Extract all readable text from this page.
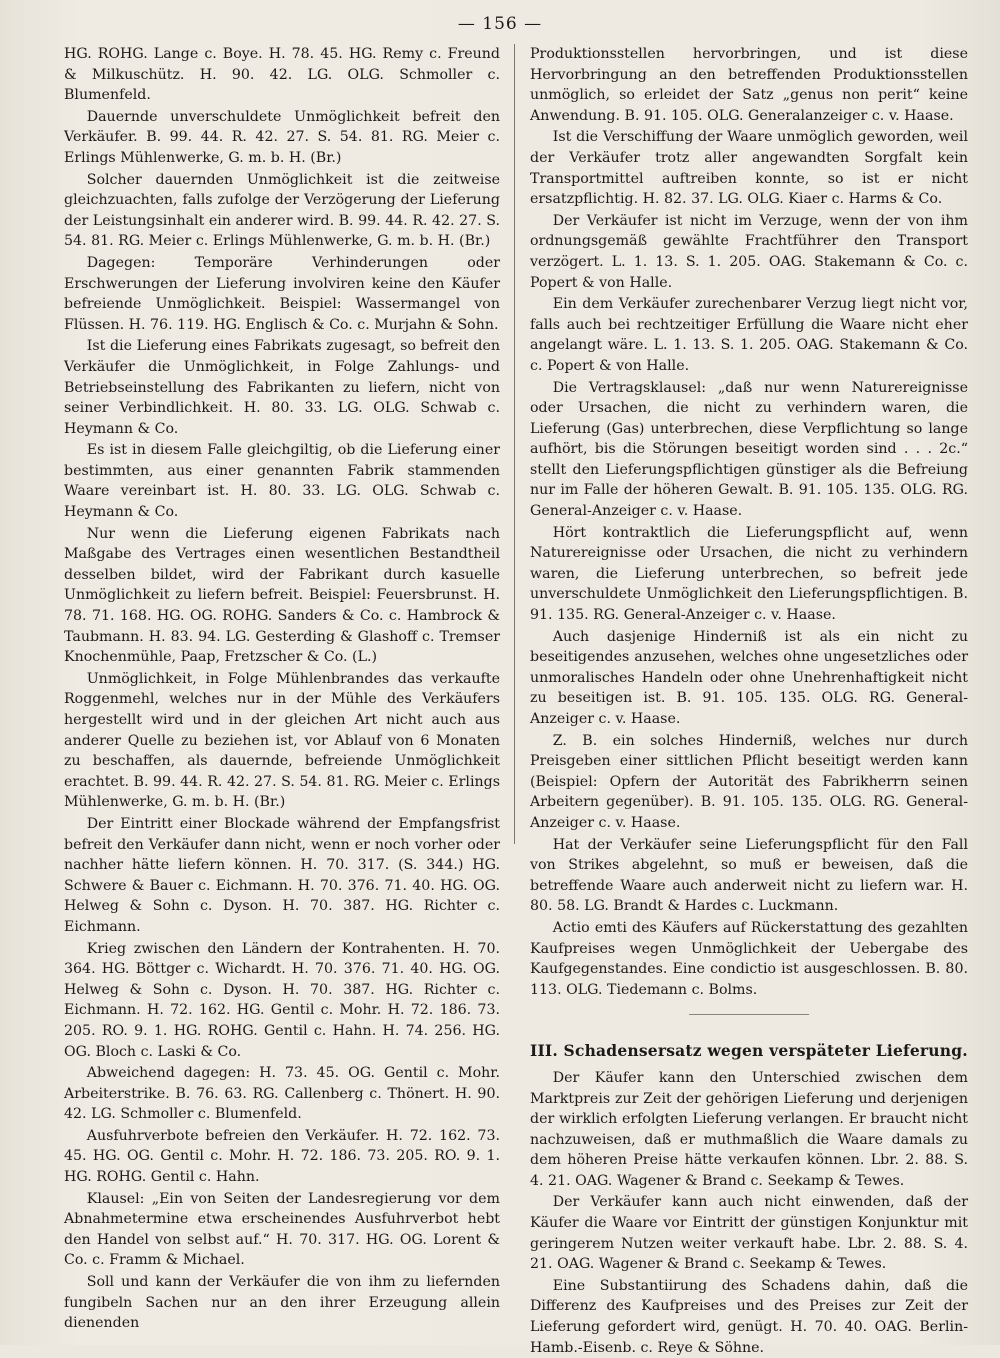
— 156 —

HG. ROHG. Lange c. Boye. H. 78. 45. HG. Remy c. Freund & Milkuschütz. H. 90. 42. LG. OLG. Schmoller c. Blumenfeld.

Dauernde unverschuldete Unmöglichkeit befreit den Verkäufer. B. 99. 44. R. 42. 27. S. 54. 81. RG. Meier c. Erlings Mühlenwerke, G. m. b. H. (Br.)

Solcher dauernden Unmöglichkeit ist die zeitweise gleichzuachten, falls zufolge der Verzögerung der Lieferung der Leistungsinhalt ein anderer wird. B. 99. 44. R. 42. 27. S. 54. 81. RG. Meier c. Erlings Mühlenwerke, G. m. b. H. (Br.)

Dagegen: Temporäre Verhinderungen oder Erschwerungen der Lieferung involviren keine den Käufer befreiende Unmöglichkeit. Beispiel: Wassermangel von Flüssen. H. 76. 119. HG. Englisch & Co. c. Murjahn & Sohn.

Ist die Lieferung eines Fabrikats zugesagt, so befreit den Verkäufer die Unmöglichkeit, in Folge Zahlungs- und Betriebseinstellung des Fabrikanten zu liefern, nicht von seiner Verbindlichkeit. H. 80. 33. LG. OLG. Schwab c. Heymann & Co.

Es ist in diesem Falle gleichgiltig, ob die Lieferung einer bestimmten, aus einer genannten Fabrik stammenden Waare vereinbart ist. H. 80. 33. LG. OLG. Schwab c. Heymann & Co.

Nur wenn die Lieferung eigenen Fabrikats nach Maßgabe des Vertrages einen wesentlichen Bestandtheil desselben bildet, wird der Fabrikant durch kasuelle Unmöglichkeit zu liefern befreit. Beispiel: Feuersbrunst. H. 78. 71. 168. HG. OG. ROHG. Sanders & Co. c. Hambrock & Taubmann. H. 83. 94. LG. Gesterding & Glashoff c. Tremser Knochenmühle, Paap, Fretzscher & Co. (L.)

Unmöglichkeit, in Folge Mühlenbrandes das verkaufte Roggenmehl, welches nur in der Mühle des Verkäufers hergestellt wird und in der gleichen Art nicht auch aus anderer Quelle zu beziehen ist, vor Ablauf von 6 Monaten zu beschaffen, als dauernde, befreiende Unmöglichkeit erachtet. B. 99. 44. R. 42. 27. S. 54. 81. RG. Meier c. Erlings Mühlenwerke, G. m. b. H. (Br.)

Der Eintritt einer Blockade während der Empfangsfrist befreit den Verkäufer dann nicht, wenn er noch vorher oder nachher hätte liefern können. H. 70. 317. (S. 344.) HG. Schwere & Bauer c. Eichmann. H. 70. 376. 71. 40. HG. OG. Helweg & Sohn c. Dyson. H. 70. 387. HG. Richter c. Eichmann.

Krieg zwischen den Ländern der Kontrahenten. H. 70. 364. HG. Böttger c. Wichardt. H. 70. 376. 71. 40. HG. OG. Helweg & Sohn c. Dyson. H. 70. 387. HG. Richter c. Eichmann. H. 72. 162. HG. Gentil c. Mohr. H. 72. 186. 73. 205. RO. 9. 1. HG. ROHG. Gentil c. Hahn. H. 74. 256. HG. OG. Bloch c. Laski & Co.

Abweichend dagegen: H. 73. 45. OG. Gentil c. Mohr. Arbeiterstrike. B. 76. 63. RG. Callenberg c. Thönert. H. 90. 42. LG. Schmoller c. Blumenfeld.

Ausfuhrverbote befreien den Verkäufer. H. 72. 162. 73. 45. HG. OG. Gentil c. Mohr. H. 72. 186. 73. 205. RO. 9. 1. HG. ROHG. Gentil c. Hahn.

Klausel: „Ein von Seiten der Landesregierung vor dem Abnahmetermine etwa erscheinendes Ausfuhrverbot hebt den Handel von selbst auf.“ H. 70. 317. HG. OG. Lorent & Co. c. Framm & Michael.

Soll und kann der Verkäufer die von ihm zu liefernden fungibeln Sachen nur an den ihrer Erzeugung allein dienenden

Produktionsstellen hervorbringen, und ist diese Hervorbringung an den betreffenden Produktionsstellen unmöglich, so erleidet der Satz „genus non perit“ keine Anwendung. B. 91. 105. OLG. Generalanzeiger c. v. Haase.

Ist die Verschiffung der Waare unmöglich geworden, weil der Verkäufer trotz aller angewandten Sorgfalt kein Transportmittel auftreiben konnte, so ist er nicht ersatzpflichtig. H. 82. 37. LG. OLG. Kiaer c. Harms & Co.

Der Verkäufer ist nicht im Verzuge, wenn der von ihm ordnungsgemäß gewählte Frachtführer den Transport verzögert. L. 1. 13. S. 1. 205. OAG. Stakemann & Co. c. Popert & von Halle.

Ein dem Verkäufer zurechenbarer Verzug liegt nicht vor, falls auch bei rechtzeitiger Erfüllung die Waare nicht eher angelangt wäre. L. 1. 13. S. 1. 205. OAG. Stakemann & Co. c. Popert & von Halle.

Die Vertragsklausel: „daß nur wenn Naturereignisse oder Ursachen, die nicht zu verhindern waren, die Lieferung (Gas) unterbrechen, diese Verpflichtung so lange aufhört, bis die Störungen beseitigt worden sind . . . 2c.“ stellt den Lieferungspflichtigen günstiger als die Befreiung nur im Falle der höheren Gewalt. B. 91. 105. 135. OLG. RG. General-Anzeiger c. v. Haase.

Hört kontraktlich die Lieferungspflicht auf, wenn Naturereignisse oder Ursachen, die nicht zu verhindern waren, die Lieferung unterbrechen, so befreit jede unverschuldete Unmöglichkeit den Lieferungspflichtigen. B. 91. 135. RG. General-Anzeiger c. v. Haase.

Auch dasjenige Hinderniß ist als ein nicht zu beseitigendes anzusehen, welches ohne ungesetzliches oder unmoralisches Handeln oder ohne Unehrenhaftigkeit nicht zu beseitigen ist. B. 91. 105. 135. OLG. RG. General-Anzeiger c. v. Haase.

Z. B. ein solches Hinderniß, welches nur durch Preisgeben einer sittlichen Pflicht beseitigt werden kann (Beispiel: Opfern der Autorität des Fabrikherrn seinen Arbeitern gegenüber). B. 91. 105. 135. OLG. RG. General-Anzeiger c. v. Haase.

Hat der Verkäufer seine Lieferungspflicht für den Fall von Strikes abgelehnt, so muß er beweisen, daß die betreffende Waare auch anderweit nicht zu liefern war. H. 80. 58. LG. Brandt & Hardes c. Luckmann.

Actio emti des Käufers auf Rückerstattung des gezahlten Kaufpreises wegen Unmöglichkeit der Uebergabe des Kaufgegenstandes. Eine condictio ist ausgeschlossen. B. 80. 113. OLG. Tiedemann c. Bolms.

III. Schadensersatz wegen verspäteter Lieferung.

Der Käufer kann den Unterschied zwischen dem Marktpreis zur Zeit der gehörigen Lieferung und derjenigen der wirklich erfolgten Lieferung verlangen. Er braucht nicht nachzuweisen, daß er muthmaßlich die Waare damals zu dem höheren Preise hätte verkaufen können. Lbr. 2. 88. S. 4. 21. OAG. Wagener & Brand c. Seekamp & Tewes.

Der Verkäufer kann auch nicht einwenden, daß der Käufer die Waare vor Eintritt der günstigen Konjunktur mit geringerem Nutzen weiter verkauft habe. Lbr. 2. 88. S. 4. 21. OAG. Wagener & Brand c. Seekamp & Tewes.

Eine Substantiirung des Schadens dahin, daß die Differenz des Kaufpreises und des Preises zur Zeit der Lieferung gefordert wird, genügt. H. 70. 40. OAG. Berlin-Hamb.-Eisenb. c. Reye & Söhne.
